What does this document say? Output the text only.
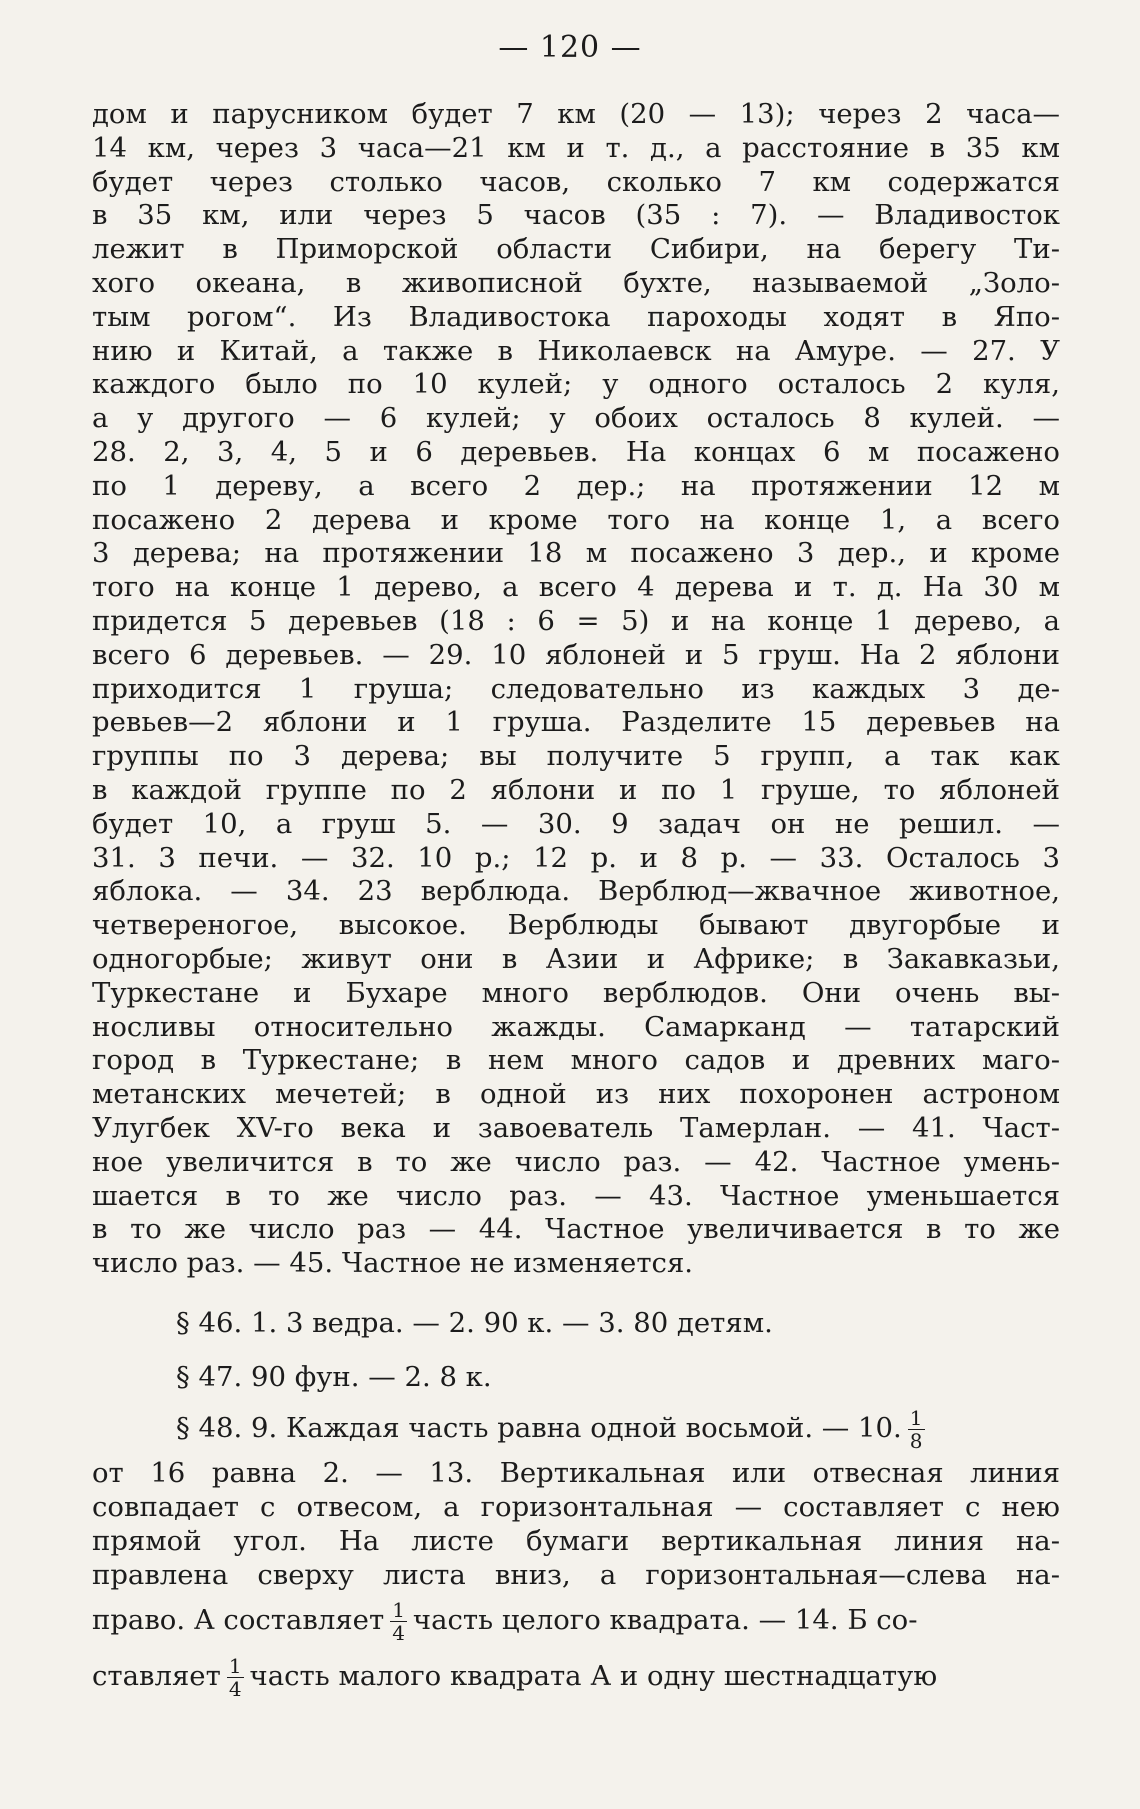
— 120 —
дом и парусником будет 7 км (20 — 13); через 2 часа—
14 км, через 3 часа—21 км и т. д., а расстояние в 35 км
будет через столько часов, сколько 7 км содержатся
в 35 км, или через 5 часов (35 : 7). — Владивосток
лежит в Приморской области Сибири, на берегу Ти-
хого океана, в живописной бухте, называемой „Золо-
тым рогом“. Из Владивостока пароходы ходят в Япо-
нию и Китай, а также в Николаевск на Амуре. — 27. У
каждого было по 10 кулей; у одного осталось 2 куля,
а у другого — 6 кулей; у обоих осталось 8 кулей. —
28. 2, 3, 4, 5 и 6 деревьев. На концах 6 м посажено
по 1 дереву, а всего 2 дер.; на протяжении 12 м
посажено 2 дерева и кроме того на конце 1, а всего
3 дерева; на протяжении 18 м посажено 3 дер., и кроме
того на конце 1 дерево, а всего 4 дерева и т. д. На 30 м
придется 5 деревьев (18 : 6 = 5) и на конце 1 дерево, а
всего 6 деревьев. — 29. 10 яблоней и 5 груш. На 2 яблони
приходится 1 груша; следовательно из каждых 3 де-
ревьев—2 яблони и 1 груша. Разделите 15 деревьев на
группы по 3 дерева; вы получите 5 групп, а так как
в каждой группе по 2 яблони и по 1 груше, то яблоней
будет 10, а груш 5. — 30. 9 задач он не решил. —
31. 3 печи. — 32. 10 р.; 12 р. и 8 р. — 33. Осталось 3
яблока. — 34. 23 верблюда. Верблюд—жвачное животное,
четвереногое, высокое. Верблюды бывают двугорбые и
одногорбые; живут они в Азии и Африке; в Закавказьи,
Туркестане и Бухаре много верблюдов. Они очень вы-
носливы относительно жажды. Самарканд — татарский
город в Туркестане; в нем много садов и древних маго-
метанских мечетей; в одной из них похоронен астроном
Улугбек XV-го века и завоеватель Тамерлан. — 41. Част-
ное увеличится в то же число раз. — 42. Частное умень-
шается в то же число раз. — 43. Частное уменьшается
в то же число раз — 44. Частное увеличивается в то же
число раз. — 45. Частное не изменяется.
§ 46. 1. 3 ведра. — 2. 90 к. — 3. 80 детям.
§ 47. 90 фун. — 2. 8 к.
§ 48. 9. Каждая часть равна одной восьмой. — 10. $\frac{1}{8}$
от 16 равна 2. — 13. Вертикальная или отвесная линия
совпадает с отвесом, а горизонтальная — составляет с нею
прямой угол. На листе бумаги вертикальная линия на-
правлена сверху листа вниз, а горизонтальная—слева на-
право. А составляет $\frac{1}{4}$ часть целого квадрата. — 14. Б со-
ставляет $\frac{1}{4}$ часть малого квадрата А и одну шестнадцатую
